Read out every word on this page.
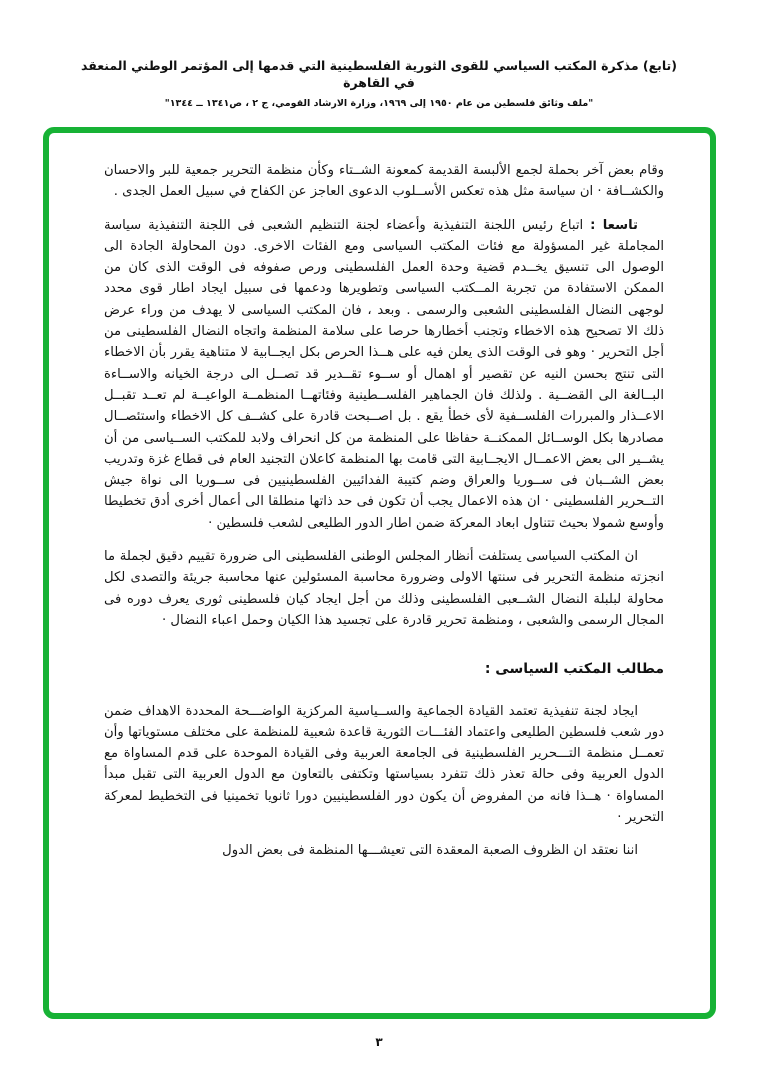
(تابع) مذكرة المكتب السياسي للقوى الثورية الفلسطينية التي قدمها إلى المؤتمر الوطني المنعقد في القاهرة
"ملف وثائق فلسطين من عام ١٩٥٠ إلى ١٩٦٩، وزارة الارشاد القومي، ج ٢ ، ص١٣٤١ ــ ١٣٤٤"

وقام بعض آخر بحملة لجمع الألبسة القديمة كمعونة الشــتاء وكأن منظمة التحرير جمعية للبر والاحسان والكشــافة · ان سياسة مثل هذه تعكس الأســلوب الدعوى العاجز عن الكفاح في سبيل العمل الجدى .

تاسعا : اتباع رئيس اللجنة التنفيذية وأعضاء لجنة التنظيم الشعبى فى اللجنة التنفيذية سياسة المجاملة غير المسؤولة مع فئات المكتب السياسى ومع الفئات الاخرى. دون المحاولة الجادة الى الوصول الى تنسيق يخــدم قضية وحدة العمل الفلسطينى ورص صفوفه فى الوقت الذى كان من الممكن الاستفادة من تجربة المــكتب السياسى وتطويرها ودعمها فى سبيل ايجاد اطار قوى محدد لوجهى النضال الفلسطينى الشعبى والرسمى . وبعد ، فان المكتب السياسى لا يهدف من وراء عرض ذلك الا تصحيح هذه الاخطاء وتجنب أخطارها حرصا على سلامة المنظمة واتجاه النضال الفلسطينى من أجل التحرير · وهو فى الوقت الذى يعلن فيه على هــذا الحرص بكل ايجــابية لا متناهية يقرر بأن الاخطاء التى تنتج بحسن النيه عن تقصير أو اهمال أو ســوء تقــدير قد تصــل الى درجة الخيانه والاســاءة البــالغة الى القضــية . ولذلك فان الجماهير الفلســطينية وفئاتهــا المنظمــة الواعيــة لم تعــد تقبــل الاعــذار والمبررات الفلســفية لأى خطأ يقع . بل اصــبحت قادرة على كشــف كل الاخطاء واستئصــال مصادرها بكل الوســائل الممكنــة حفاظا على المنظمة من كل انحراف ولابد للمكتب الســياسى من أن يشــير الى بعض الاعمــال الايجــابية التى قامت بها المنظمة كاعلان التجنيد العام فى قطاع غزة وتدريب بعض الشــبان فى ســوريا والعراق وضم كتيبة الفدائيين الفلسطينيين فى ســوريا الى نواة جيش التــحرير الفلسطينى · ان هذه الاعمال يجب أن تكون فى حد ذاتها منطلقا الى أعمال أخرى أدق تخطيطا وأوسع شمولا بحيث تتناول ابعاد المعركة ضمن اطار الدور الطليعى لشعب فلسطين ·

ان المكتب السياسى يستلفت أنظار المجلس الوطنى الفلسطينى الى ضرورة تقييم دقيق لجملة ما انجزته منظمة التحرير فى سنتها الاولى وضرورة محاسبة المسئولين عنها محاسبة جريئة والتصدى لكل محاولة لبلبلة النضال الشــعبى الفلسطينى وذلك من أجل ايجاد كيان فلسطينى ثورى يعرف دوره فى المجال الرسمى والشعبى ، ومنظمة تحرير قادرة على تجسيد هذا الكيان وحمل اعباء النضال ·

مطالب المكتب السياسى :

ايجاد لجنة تنفيذية تعتمد القيادة الجماعية والســياسية المركزية الواضـــحة المحددة الاهداف ضمن دور شعب فلسطين الطليعى واعتماد الفئـــات الثورية قاعدة شعبية للمنظمة على مختلف مستوياتها وأن تعمــل منظمة التـــحرير الفلسطينية فى الجامعة العربية وفى القيادة الموحدة على قدم المساواة مع الدول العربية وفى حالة تعذر ذلك تتفرد بسياستها وتكتفى بالتعاون مع الدول العربية التى تقبل مبدأ المساواة · هــذا فانه من المفروض أن يكون دور الفلسطينيين دورا ثانويا تخمينيا فى التخطيط لمعركة التحرير ·

اننا نعتقد ان الظروف الصعبة المعقدة التى تعيشـــها المنظمة فى بعض الدول

٣
